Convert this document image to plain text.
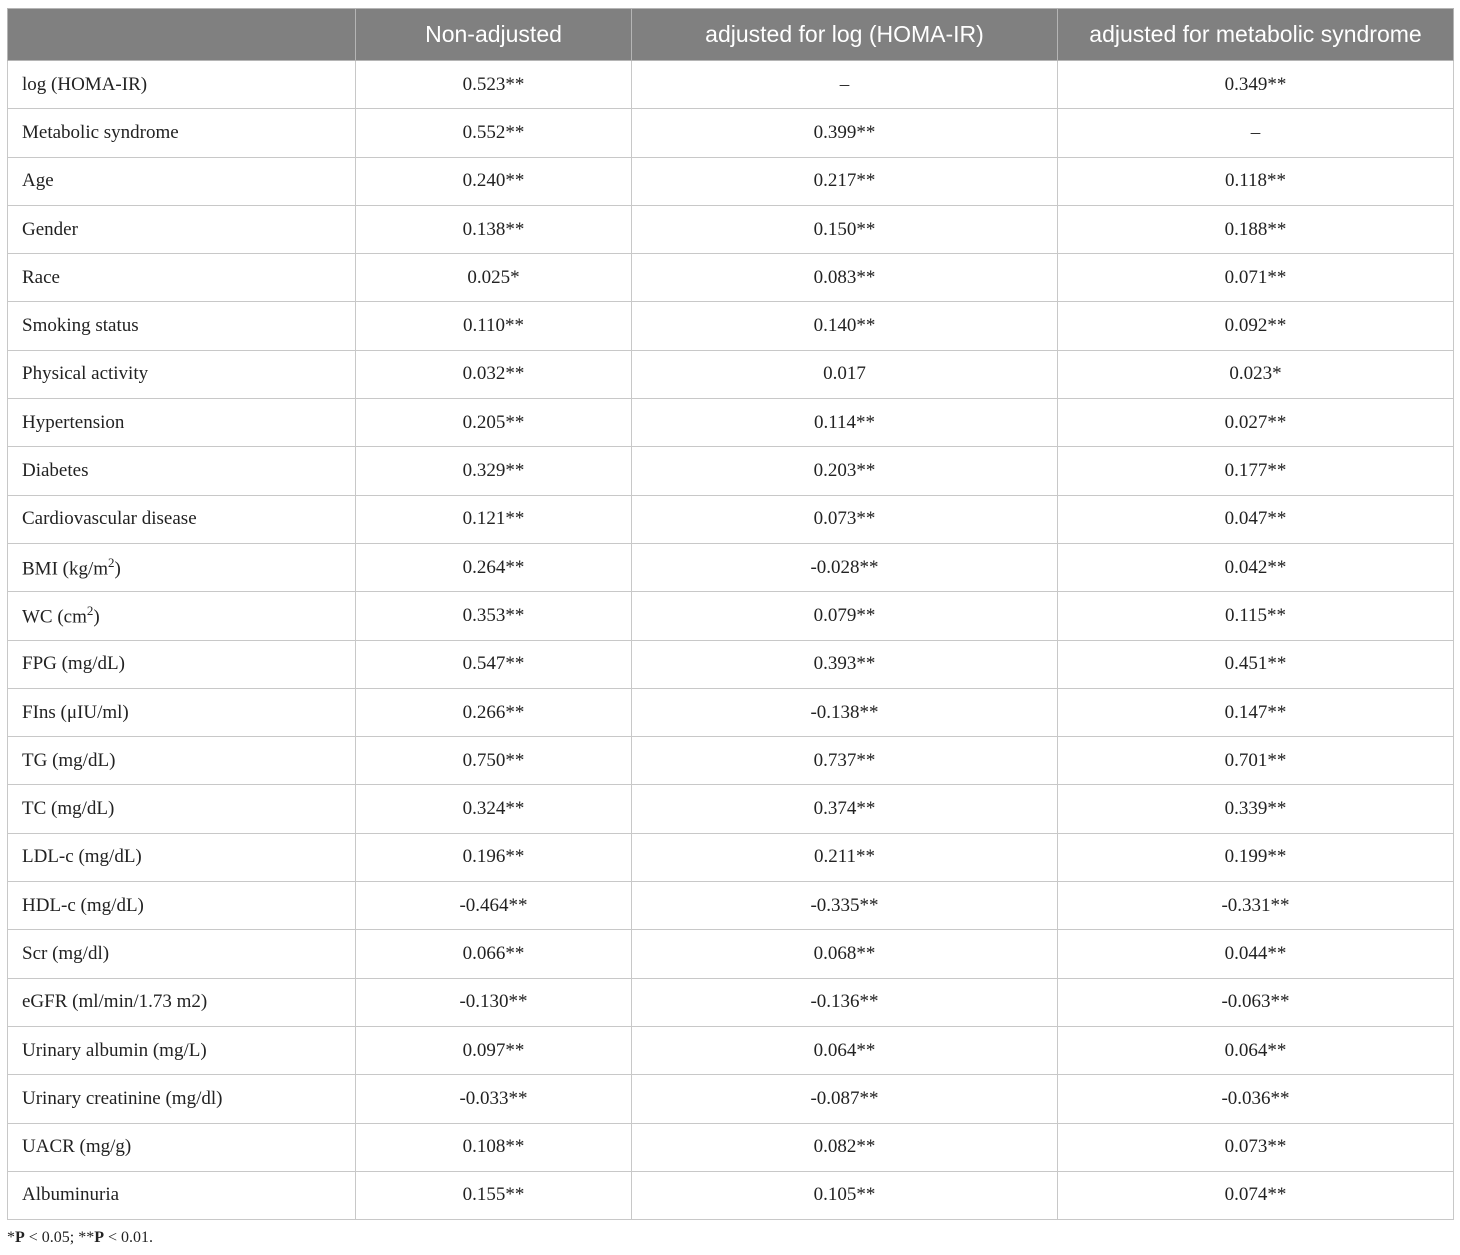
	Non-adjusted	adjusted for log (HOMA-IR)	adjusted for metabolic syndrome
log (HOMA-IR)	0.523**	–	0.349**
Metabolic syndrome	0.552**	0.399**	–
Age	0.240**	0.217**	0.118**
Gender	0.138**	0.150**	0.188**
Race	0.025*	0.083**	0.071**
Smoking status	0.110**	0.140**	0.092**
Physical activity	0.032**	0.017	0.023*
Hypertension	0.205**	0.114**	0.027**
Diabetes	0.329**	0.203**	0.177**
Cardiovascular disease	0.121**	0.073**	0.047**
BMI $(kg/m^2)$	0.264**	-0.028**	0.042**
WC $(cm^2)$	0.353**	0.079**	0.115**
FPG (mg/dL)	0.547**	0.393**	0.451**
FIns (μIU/ml)	0.266**	-0.138**	0.147**
TG (mg/dL)	0.750**	0.737**	0.701**
TC (mg/dL)	0.324**	0.374**	0.339**
LDL-c (mg/dL)	0.196**	0.211**	0.199**
HDL-c (mg/dL)	-0.464**	-0.335**	-0.331**
Scr (mg/dl)	0.066**	0.068**	0.044**
eGFR (ml/min/1.73 m2)	-0.130**	-0.136**	-0.063**
Urinary albumin (mg/L)	0.097**	0.064**	0.064**
Urinary creatinine (mg/dl)	-0.033**	-0.087**	-0.036**
UACR (mg/g)	0.108**	0.082**	0.073**
Albuminuria	0.155**	0.105**	0.074**
*P < 0.05; **P < 0.01.
